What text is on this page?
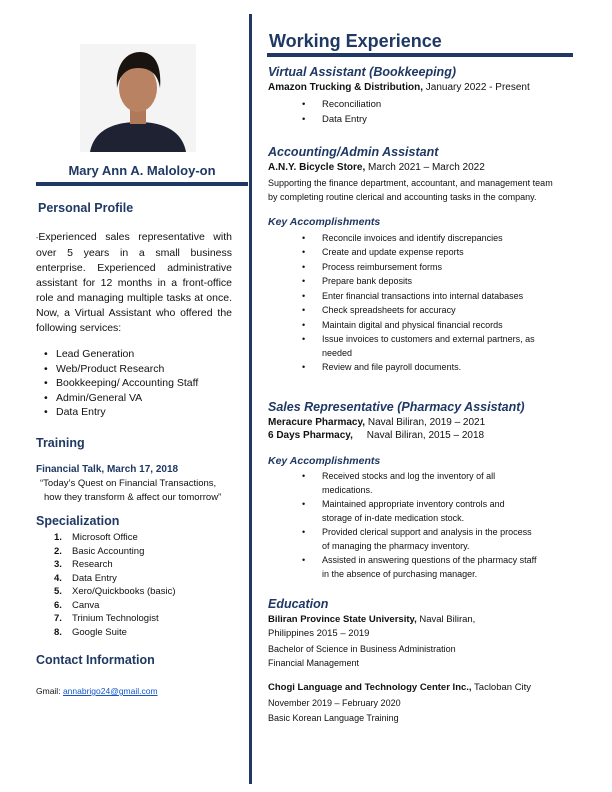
Mary Ann A. Maloloy-on
Personal Profile
-Experienced sales representative with over 5 years in a small business enterprise. Experienced administrative assistant for 12 months in a front-office role and managing multiple tasks at once. Now, a Virtual Assistant who offered the following services:
• Lead Generation
• Web/Product Research
• Bookkeeping/ Accounting Staff
• Admin/General VA
• Data Entry
Training
Financial Talk, March 17, 2018
“Today’s Quest on Financial Transactions,
how they transform & affect our tomorrow”
Specialization
1. Microsoft Office
2. Basic Accounting
3. Research
4. Data Entry
5. Xero/Quickbooks (basic)
6. Canva
7. Trinium Technologist
8. Google Suite
Contact Information
Gmail: annabrigo24@gmail.com
Working Experience
Virtual Assistant (Bookkeeping)
Amazon Trucking & Distribution, January 2022 - Present
• Reconciliation
• Data Entry
Accounting/Admin Assistant
A.N.Y. Bicycle Store, March 2021 – March 2022
Supporting the finance department, accountant, and management team by completing routine clerical and accounting tasks in the company.
Key Accomplishments
• Reconcile invoices and identify discrepancies
• Create and update expense reports
• Process reimbursement forms
• Prepare bank deposits
• Enter financial transactions into internal databases
• Check spreadsheets for accuracy
• Maintain digital and physical financial records
• Issue invoices to customers and external partners, as needed
• Review and file payroll documents.
Sales Representative (Pharmacy Assistant)
Meracure Pharmacy, Naval Biliran, 2019 – 2021
6 Days Pharmacy, Naval Biliran, 2015 – 2018
Key Accomplishments
• Received stocks and log the inventory of all medications.
• Maintained appropriate inventory controls and storage of in-date medication stock.
• Provided clerical support and analysis in the process of managing the pharmacy inventory.
• Assisted in answering questions of the pharmacy staff in the absence of purchasing manager.
Education
Biliran Province State University, Naval Biliran,
Philippines 2015 – 2019
Bachelor of Science in Business Administration
Financial Management
Chogi Language and Technology Center Inc., Tacloban City
November 2019 – February 2020
Basic Korean Language Training
